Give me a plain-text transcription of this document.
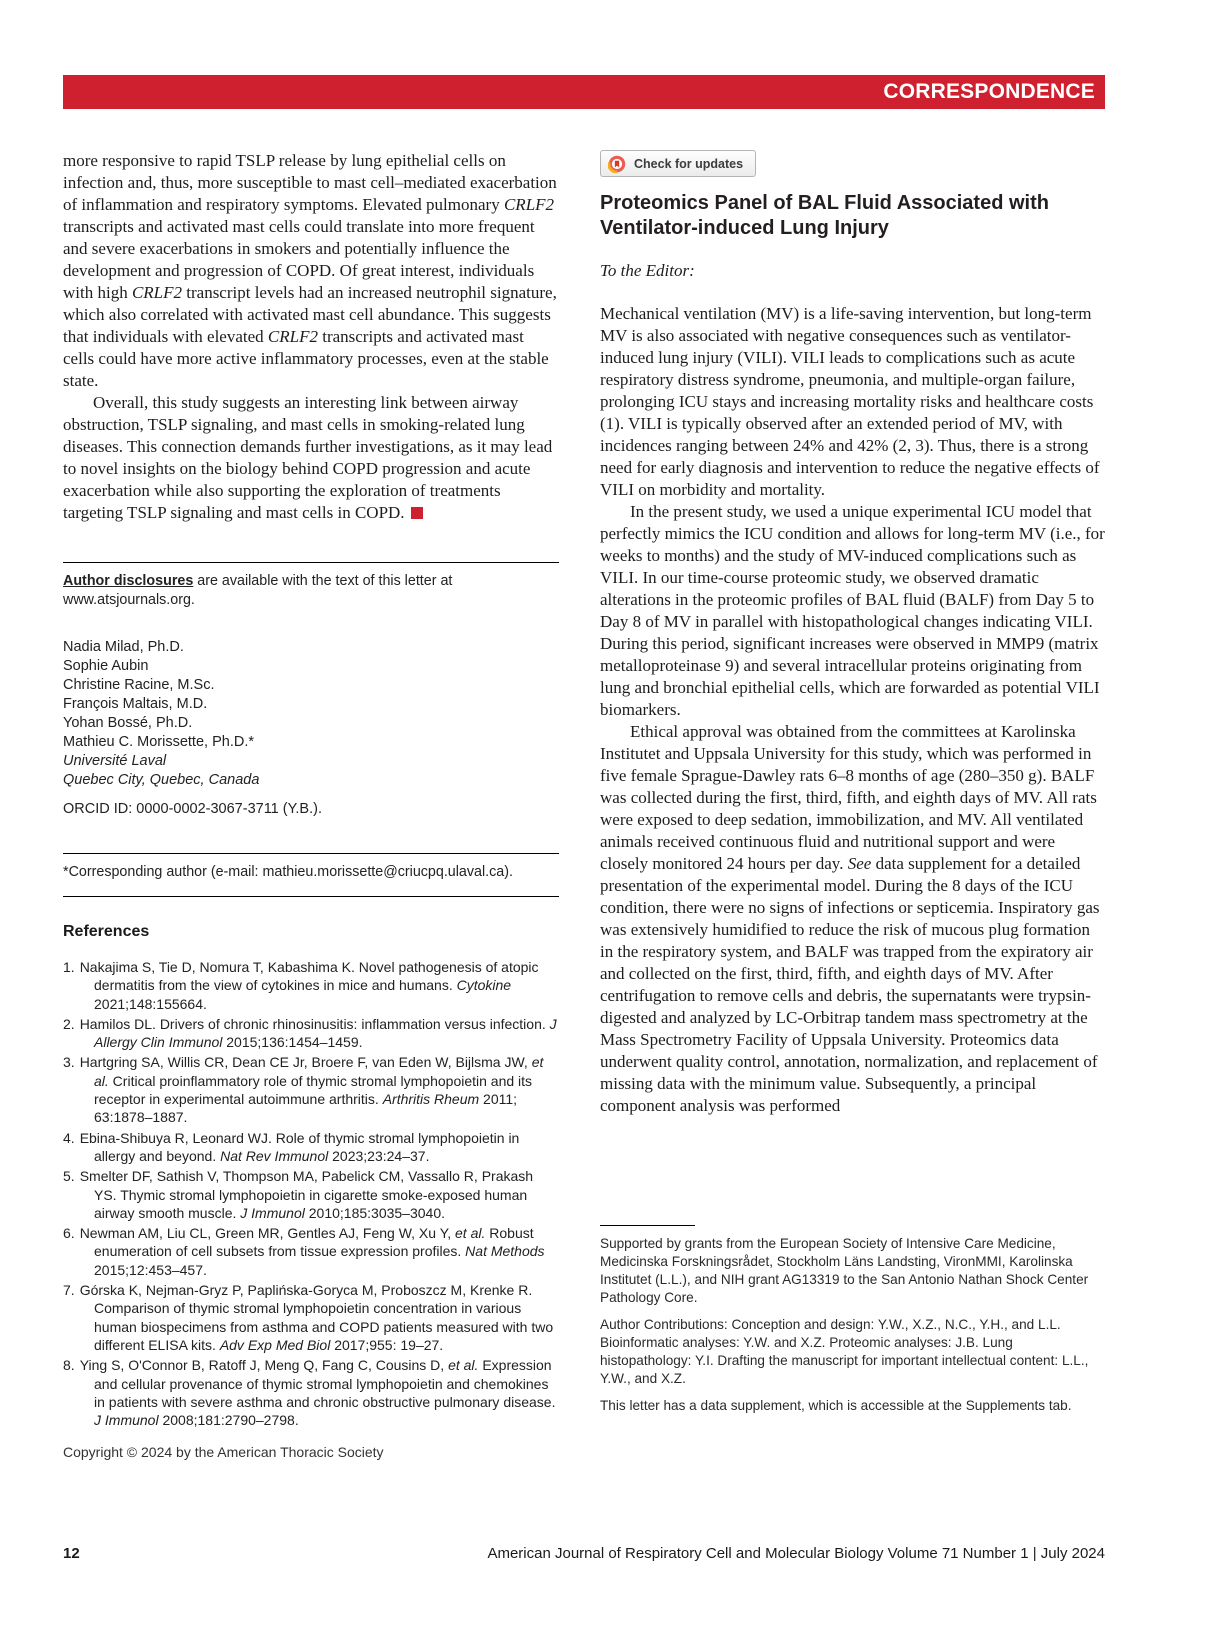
CORRESPONDENCE
more responsive to rapid TSLP release by lung epithelial cells on infection and, thus, more susceptible to mast cell–mediated exacerbation of inflammation and respiratory symptoms. Elevated pulmonary CRLF2 transcripts and activated mast cells could translate into more frequent and severe exacerbations in smokers and potentially influence the development and progression of COPD. Of great interest, individuals with high CRLF2 transcript levels had an increased neutrophil signature, which also correlated with activated mast cell abundance. This suggests that individuals with elevated CRLF2 transcripts and activated mast cells could have more active inflammatory processes, even at the stable state.
Overall, this study suggests an interesting link between airway obstruction, TSLP signaling, and mast cells in smoking-related lung diseases. This connection demands further investigations, as it may lead to novel insights on the biology behind COPD progression and acute exacerbation while also supporting the exploration of treatments targeting TSLP signaling and mast cells in COPD.
Author disclosures are available with the text of this letter at www.atsjournals.org.
Nadia Milad, Ph.D.
Sophie Aubin
Christine Racine, M.Sc.
François Maltais, M.D.
Yohan Bossé, Ph.D.
Mathieu C. Morissette, Ph.D.*
Université Laval
Quebec City, Quebec, Canada
ORCID ID: 0000-0002-3067-3711 (Y.B.).
*Corresponding author (e-mail: mathieu.morissette@criucpq.ulaval.ca).
References
1. Nakajima S, Tie D, Nomura T, Kabashima K. Novel pathogenesis of atopic dermatitis from the view of cytokines in mice and humans. Cytokine 2021;148:155664.
2. Hamilos DL. Drivers of chronic rhinosinusitis: inflammation versus infection. J Allergy Clin Immunol 2015;136:1454–1459.
3. Hartgring SA, Willis CR, Dean CE Jr, Broere F, van Eden W, Bijlsma JW, et al. Critical proinflammatory role of thymic stromal lymphopoietin and its receptor in experimental autoimmune arthritis. Arthritis Rheum 2011; 63:1878–1887.
4. Ebina-Shibuya R, Leonard WJ. Role of thymic stromal lymphopoietin in allergy and beyond. Nat Rev Immunol 2023;23:24–37.
5. Smelter DF, Sathish V, Thompson MA, Pabelick CM, Vassallo R, Prakash YS. Thymic stromal lymphopoietin in cigarette smoke-exposed human airway smooth muscle. J Immunol 2010;185:3035–3040.
6. Newman AM, Liu CL, Green MR, Gentles AJ, Feng W, Xu Y, et al. Robust enumeration of cell subsets from tissue expression profiles. Nat Methods 2015;12:453–457.
7. Górska K, Nejman-Gryz P, Paplińska-Goryca M, Proboszcz M, Krenke R. Comparison of thymic stromal lymphopoietin concentration in various human biospecimens from asthma and COPD patients measured with two different ELISA kits. Adv Exp Med Biol 2017;955: 19–27.
8. Ying S, O'Connor B, Ratoff J, Meng Q, Fang C, Cousins D, et al. Expression and cellular provenance of thymic stromal lymphopoietin and chemokines in patients with severe asthma and chronic obstructive pulmonary disease. J Immunol 2008;181:2790–2798.
Copyright © 2024 by the American Thoracic Society
Check for updates
Proteomics Panel of BAL Fluid Associated with Ventilator-induced Lung Injury
To the Editor:
Mechanical ventilation (MV) is a life-saving intervention, but long-term MV is also associated with negative consequences such as ventilator-induced lung injury (VILI). VILI leads to complications such as acute respiratory distress syndrome, pneumonia, and multiple-organ failure, prolonging ICU stays and increasing mortality risks and healthcare costs (1). VILI is typically observed after an extended period of MV, with incidences ranging between 24% and 42% (2, 3). Thus, there is a strong need for early diagnosis and intervention to reduce the negative effects of VILI on morbidity and mortality.
In the present study, we used a unique experimental ICU model that perfectly mimics the ICU condition and allows for long-term MV (i.e., for weeks to months) and the study of MV-induced complications such as VILI. In our time-course proteomic study, we observed dramatic alterations in the proteomic profiles of BAL fluid (BALF) from Day 5 to Day 8 of MV in parallel with histopathological changes indicating VILI. During this period, significant increases were observed in MMP9 (matrix metalloproteinase 9) and several intracellular proteins originating from lung and bronchial epithelial cells, which are forwarded as potential VILI biomarkers.
Ethical approval was obtained from the committees at Karolinska Institutet and Uppsala University for this study, which was performed in five female Sprague-Dawley rats 6–8 months of age (280–350 g). BALF was collected during the first, third, fifth, and eighth days of MV. All rats were exposed to deep sedation, immobilization, and MV. All ventilated animals received continuous fluid and nutritional support and were closely monitored 24 hours per day. See data supplement for a detailed presentation of the experimental model. During the 8 days of the ICU condition, there were no signs of infections or septicemia. Inspiratory gas was extensively humidified to reduce the risk of mucous plug formation in the respiratory system, and BALF was trapped from the expiratory air and collected on the first, third, fifth, and eighth days of MV. After centrifugation to remove cells and debris, the supernatants were trypsin-digested and analyzed by LC-Orbitrap tandem mass spectrometry at the Mass Spectrometry Facility of Uppsala University. Proteomics data underwent quality control, annotation, normalization, and replacement of missing data with the minimum value. Subsequently, a principal component analysis was performed
Supported by grants from the European Society of Intensive Care Medicine, Medicinska Forskningsrådet, Stockholm Läns Landsting, VironMMI, Karolinska Institutet (L.L.), and NIH grant AG13319 to the San Antonio Nathan Shock Center Pathology Core.
Author Contributions: Conception and design: Y.W., X.Z., N.C., Y.H., and L.L. Bioinformatic analyses: Y.W. and X.Z. Proteomic analyses: J.B. Lung histopathology: Y.I. Drafting the manuscript for important intellectual content: L.L., Y.W., and X.Z.
This letter has a data supplement, which is accessible at the Supplements tab.
12	American Journal of Respiratory Cell and Molecular Biology Volume 71 Number 1 | July 2024
